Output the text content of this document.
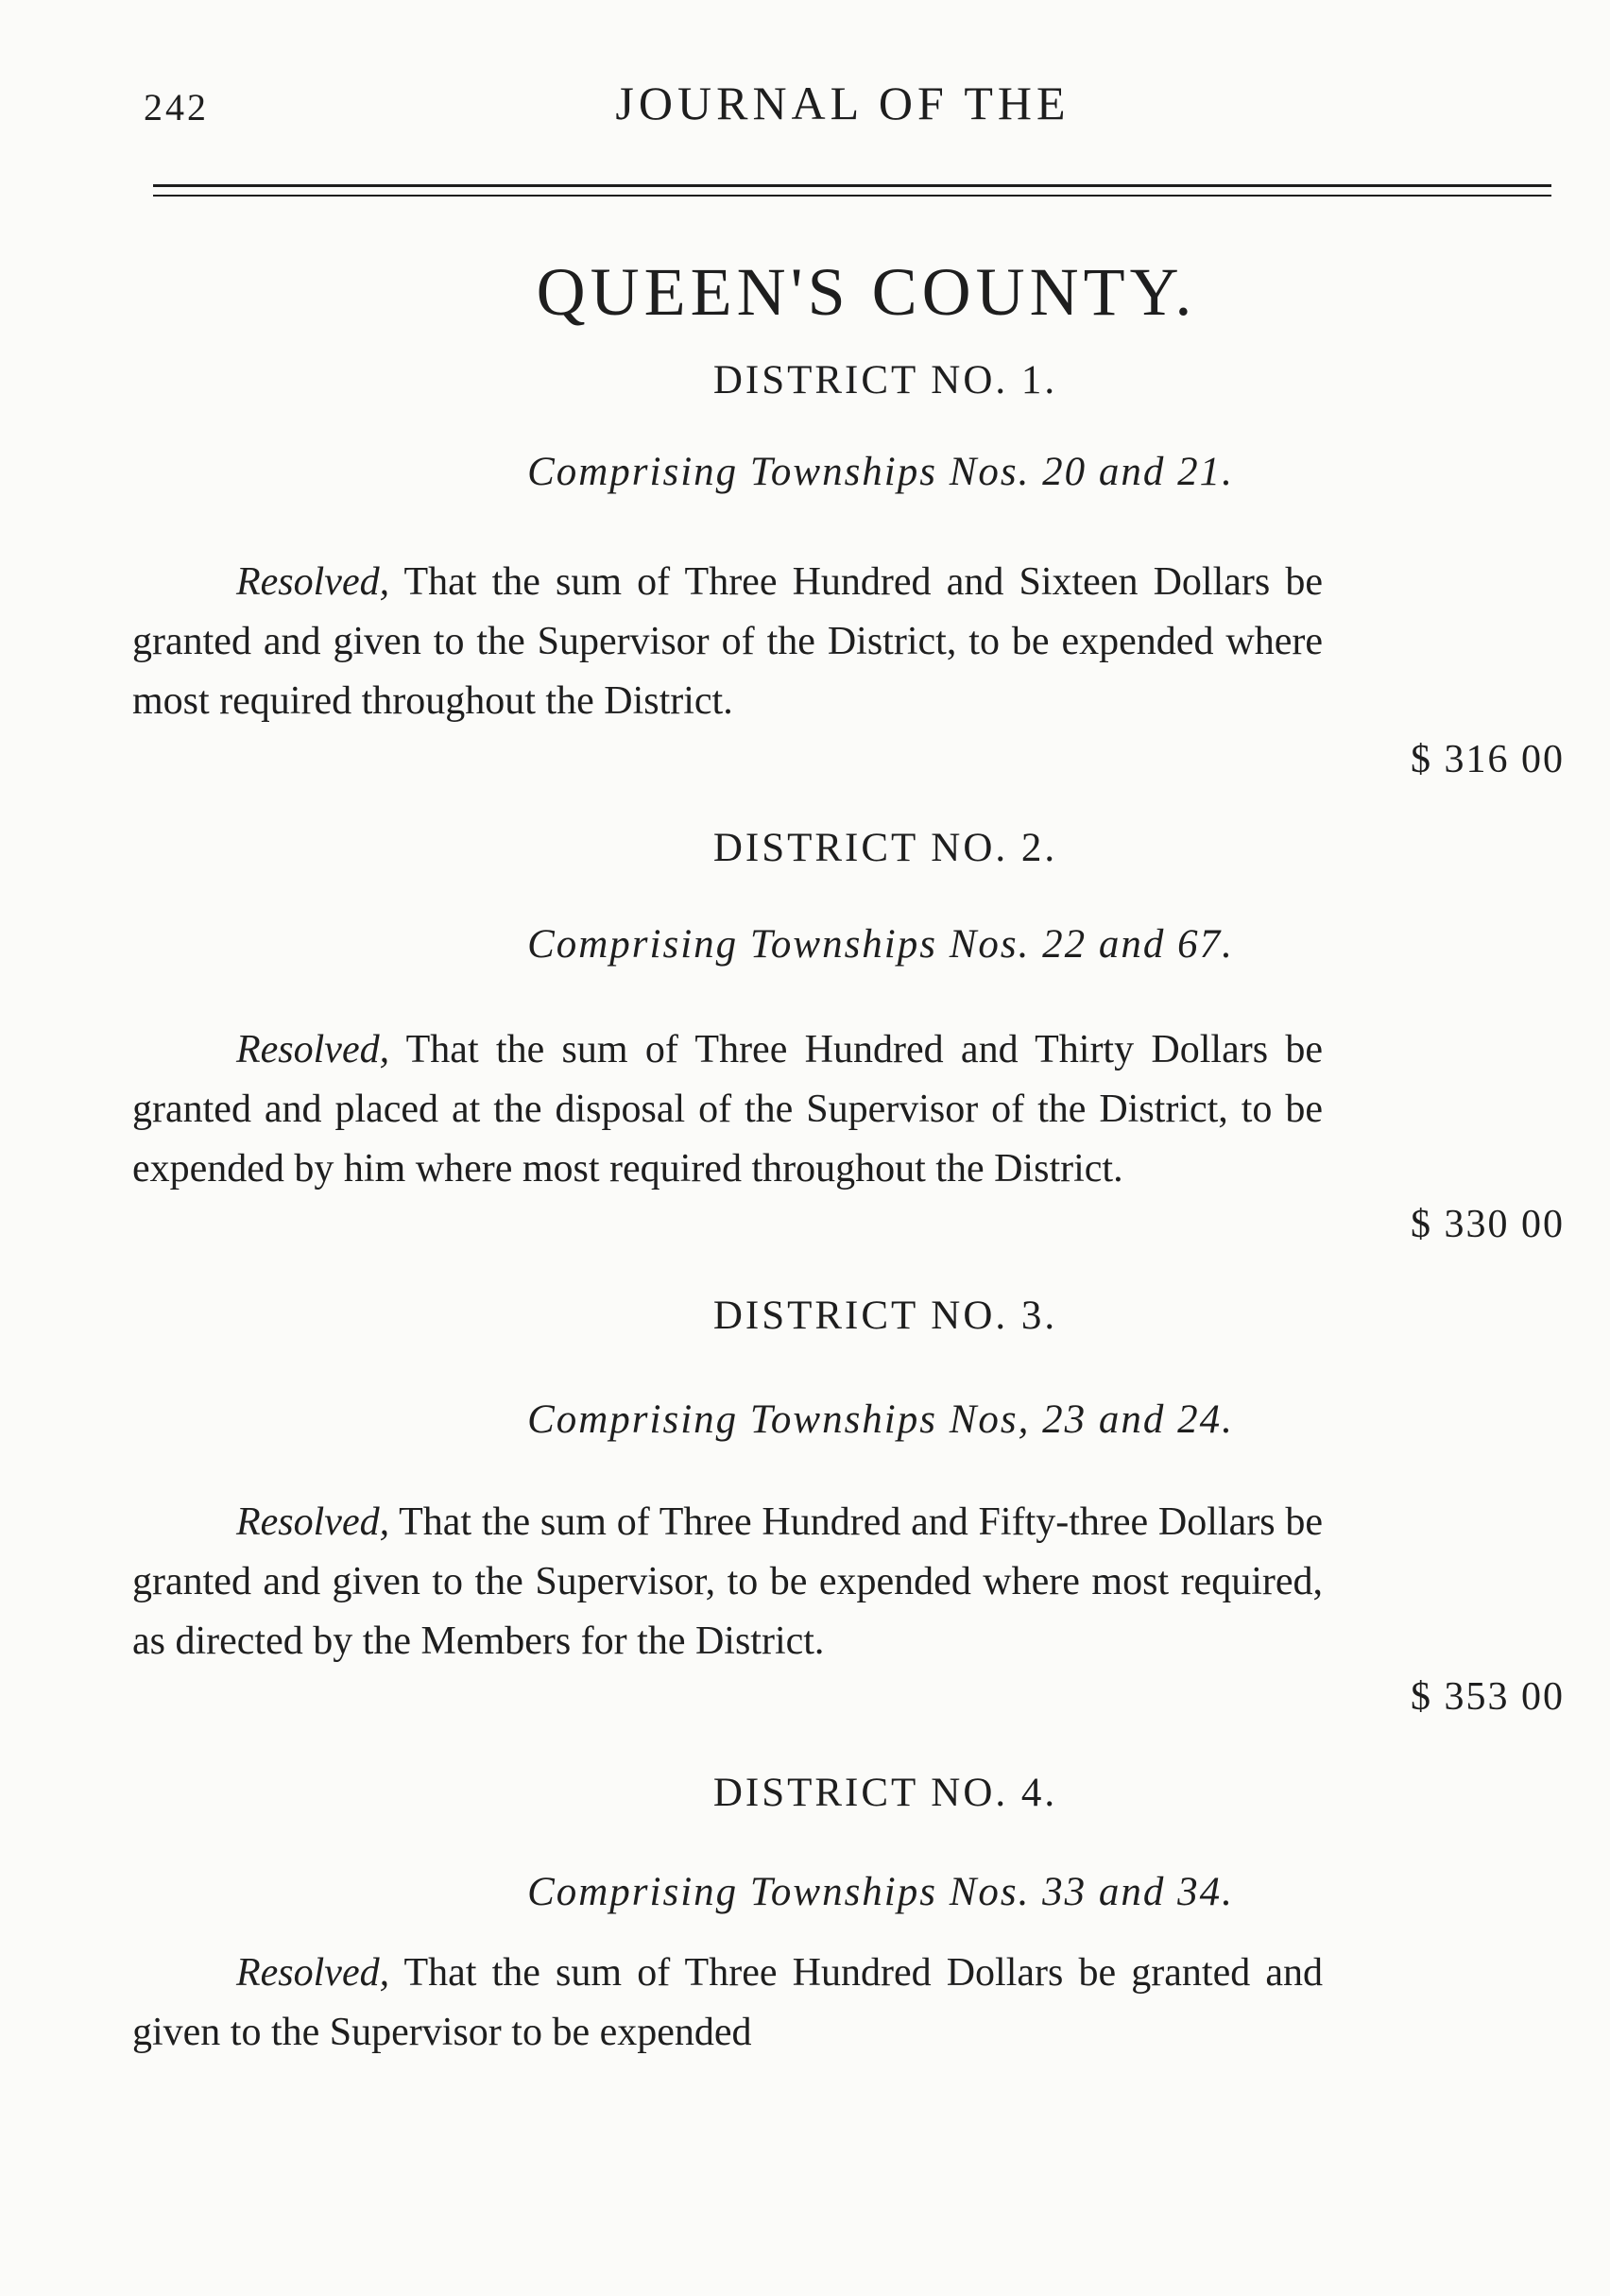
242	JOURNAL OF THE
QUEEN'S COUNTY.
DISTRICT NO. 1.
Comprising Townships Nos. 20 and 21.
Resolved, That the sum of Three Hundred and Sixteen Dollars be granted and given to the Supervisor of the District, to be expended where most required throughout the District.
$ 316 00
DISTRICT NO. 2.
Comprising Townships Nos. 22 and 67.
Resolved, That the sum of Three Hundred and Thirty Dollars be granted and placed at the disposal of the Supervisor of the District, to be expended by him where most required throughout the District.
$ 330 00
DISTRICT NO. 3.
Comprising Townships Nos, 23 and 24.
Resolved, That the sum of Three Hundred and Fifty-three Dollars be granted and given to the Supervisor, to be expended where most required, as directed by the Members for the District.
$ 353 00
DISTRICT NO. 4.
Comprising Townships Nos. 33 and 34.
Resolved, That the sum of Three Hundred Dollars be granted and given to the Supervisor to be expended
